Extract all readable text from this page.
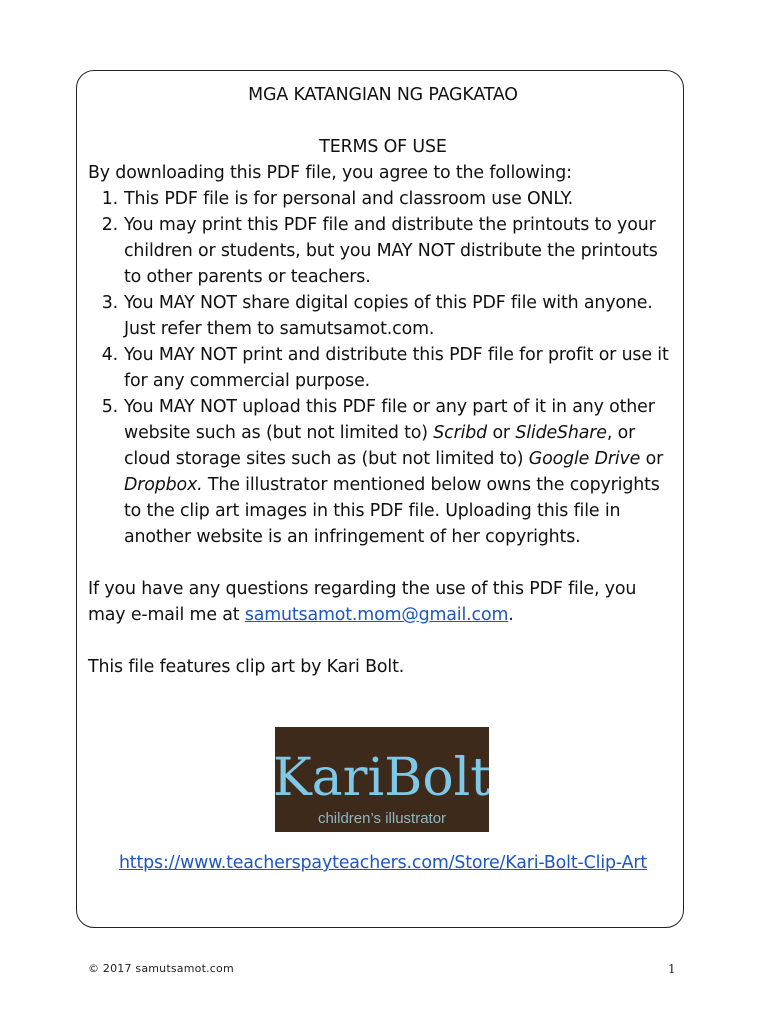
MGA KATANGIAN NG PAGKATAO

TERMS OF USE

By downloading this PDF file, you agree to the following:

This PDF file is for personal and classroom use ONLY.
You may print this PDF file and distribute the printouts to your children or students, but you MAY NOT distribute the printouts to other parents or teachers.
You MAY NOT share digital copies of this PDF file with anyone. Just refer them to samutsamot.com.
You MAY NOT print and distribute this PDF file for profit or use it for any commercial purpose.
You MAY NOT upload this PDF file or any part of it in any other website such as (but not limited to) Scribd or SlideShare, or cloud storage sites such as (but not limited to) Google Drive or Dropbox. The illustrator mentioned below owns the copyrights to the clip art images in this PDF file. Uploading this file in another website is an infringement of her copyrights.

If you have any questions regarding the use of this PDF file, you may e-mail me at samutsamot.mom@gmail.com.

This file features clip art by Kari Bolt.

KariBolt
children’s illustrator
https://www.teacherspayteachers.com/Store/Kari-Bolt-Clip-Art
© 2017 samutsamot.com	1
